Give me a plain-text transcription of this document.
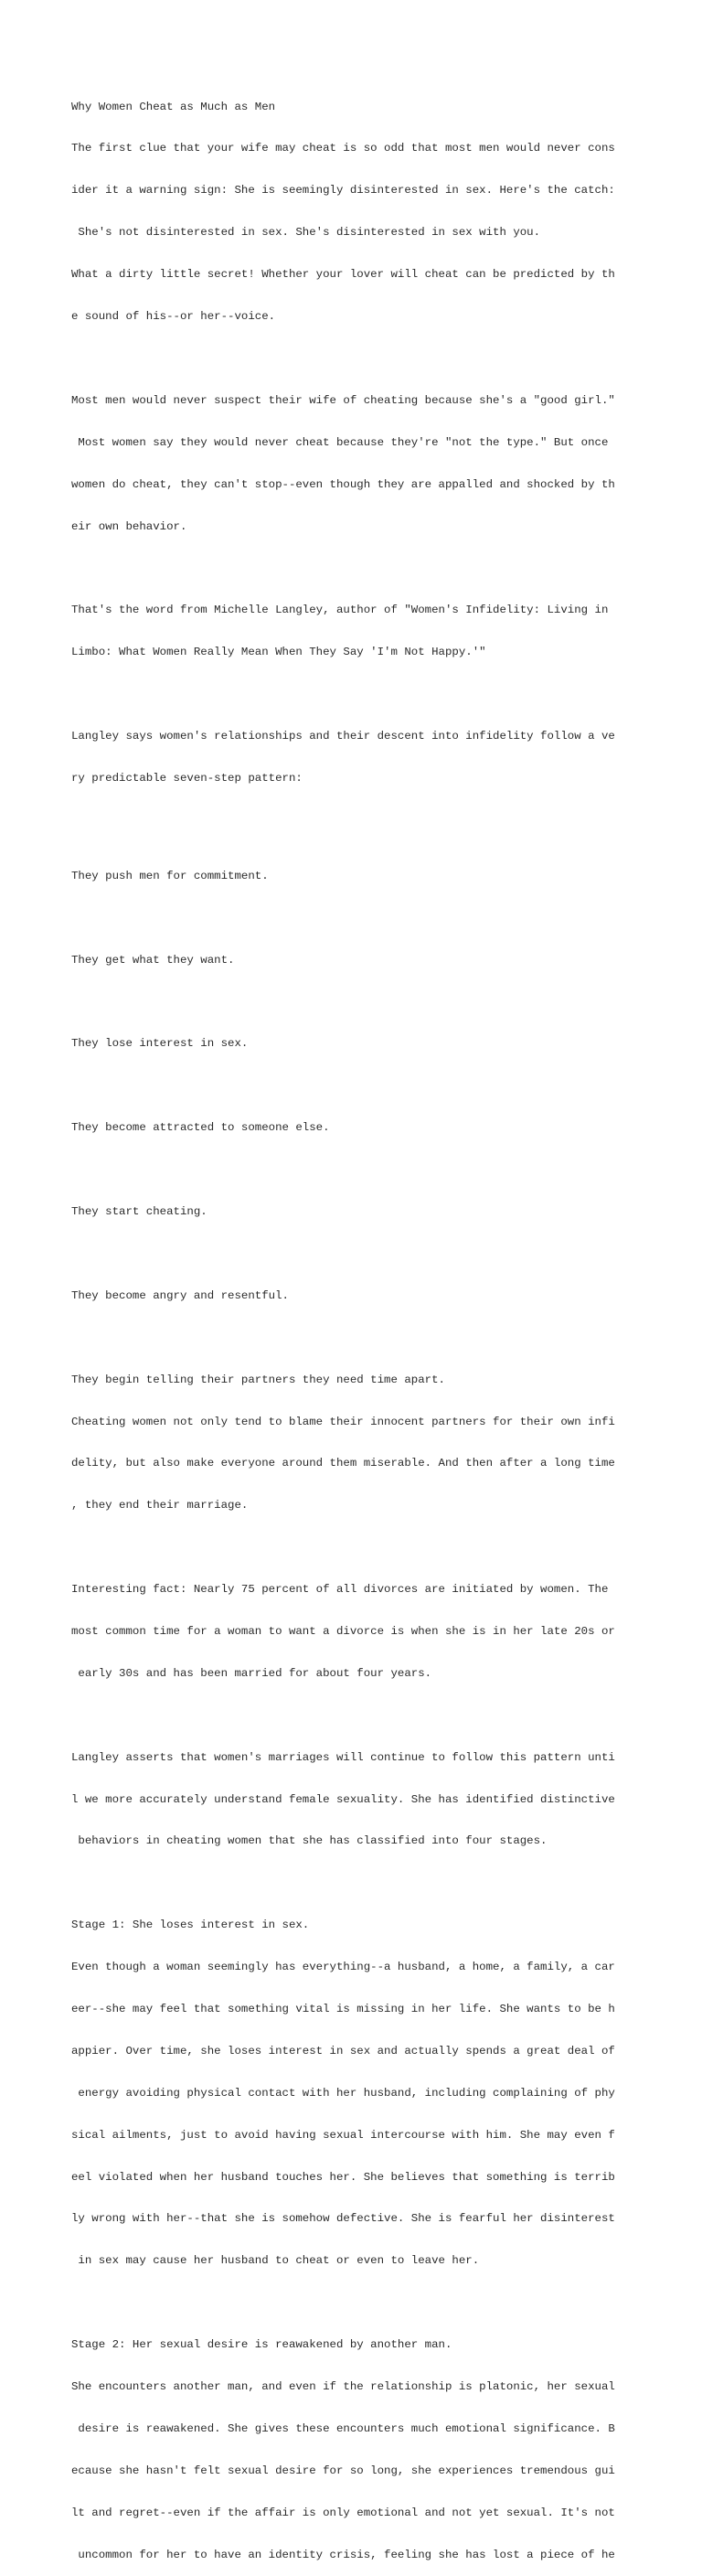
Why Women Cheat as Much as Men

The first clue that your wife may cheat is so odd that most men would never cons

ider it a warning sign: She is seemingly disinterested in sex. Here's the catch:

She's not disinterested in sex. She's disinterested in sex with you.

What a dirty little secret! Whether your lover will cheat can be predicted by th

e sound of his--or her--voice.

Most men would never suspect their wife of cheating because she's a "good girl."

Most women say they would never cheat because they're "not the type." But once

women do cheat, they can't stop--even though they are appalled and shocked by th

eir own behavior.

That's the word from Michelle Langley, author of "Women's Infidelity: Living in

Limbo: What Women Really Mean When They Say 'I'm Not Happy.'"

Langley says women's relationships and their descent into infidelity follow a ve

ry predictable seven-step pattern:

They push men for commitment.

They get what they want.

They lose interest in sex.

They become attracted to someone else.

They start cheating.

They become angry and resentful.

They begin telling their partners they need time apart.

Cheating women not only tend to blame their innocent partners for their own infi

delity, but also make everyone around them miserable. And then after a long time

, they end their marriage.

Interesting fact: Nearly 75 percent of all divorces are initiated by women. The

most common time for a woman to want a divorce is when she is in her late 20s or

early 30s and has been married for about four years.

Langley asserts that women's marriages will continue to follow this pattern unti

l we more accurately understand female sexuality. She has identified distinctive

behaviors in cheating women that she has classified into four stages.

Stage 1: She loses interest in sex.

Even though a woman seemingly has everything--a husband, a home, a family, a car

eer--she may feel that something vital is missing in her life. She wants to be h

appier. Over time, she loses interest in sex and actually spends a great deal of

energy avoiding physical contact with her husband, including complaining of phy

sical ailments, just to avoid having sexual intercourse with him. She may even f

eel violated when her husband touches her. She believes that something is terrib

ly wrong with her--that she is somehow defective. She is fearful her disinterest

in sex may cause her husband to cheat or even to leave her.

Stage 2: Her sexual desire is reawakened by another man.

She encounters another man, and even if the relationship is platonic, her sexual

desire is reawakened. She gives these encounters much emotional significance. B

ecause she hasn't felt sexual desire for so long, she experiences tremendous gui

lt and regret--even if the affair is only emotional and not yet sexual. It's not

uncommon for her to have an identity crisis, feeling she has lost a piece of he
